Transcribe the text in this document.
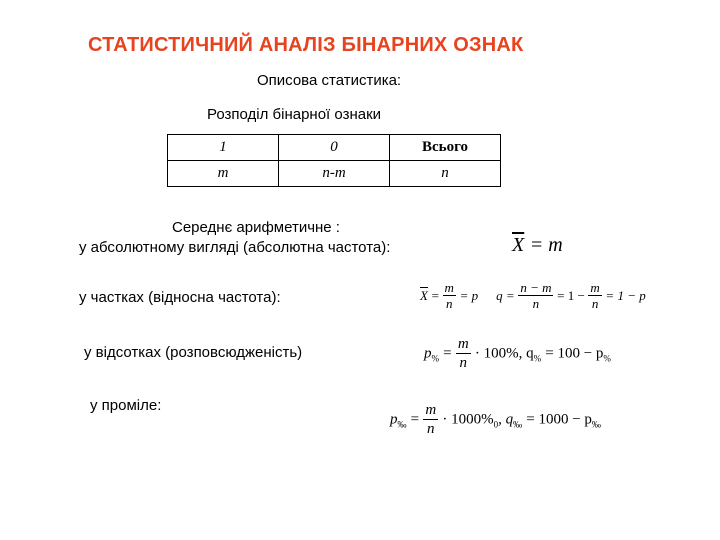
СТАТИСТИЧНИЙ АНАЛІЗ БІНАРНИХ ОЗНАК
Описова статистика:
Розподіл бінарної ознаки
1	0	Всього
m	n-m	n
Середнє арифметичне :
у абсолютному вигляді (абсолютна частота):	$\overline{X} = m$
у частках (відносна частота):	$\overline{X} = \frac{m}{n} = p$ $q = \frac{n - m}{n} = 1 - \frac{m}{n} = 1 - p$
у відсотках (розповсюдженість)	$p_{\%} = \frac{m}{n} \cdot 100\%$, $q_{\%} = 100 - p_{\%}$
у проміле:
$p_‰ = \frac{m}{n} \cdot 1000\%_0$, $q_‰ = 1000 - p_‰$
